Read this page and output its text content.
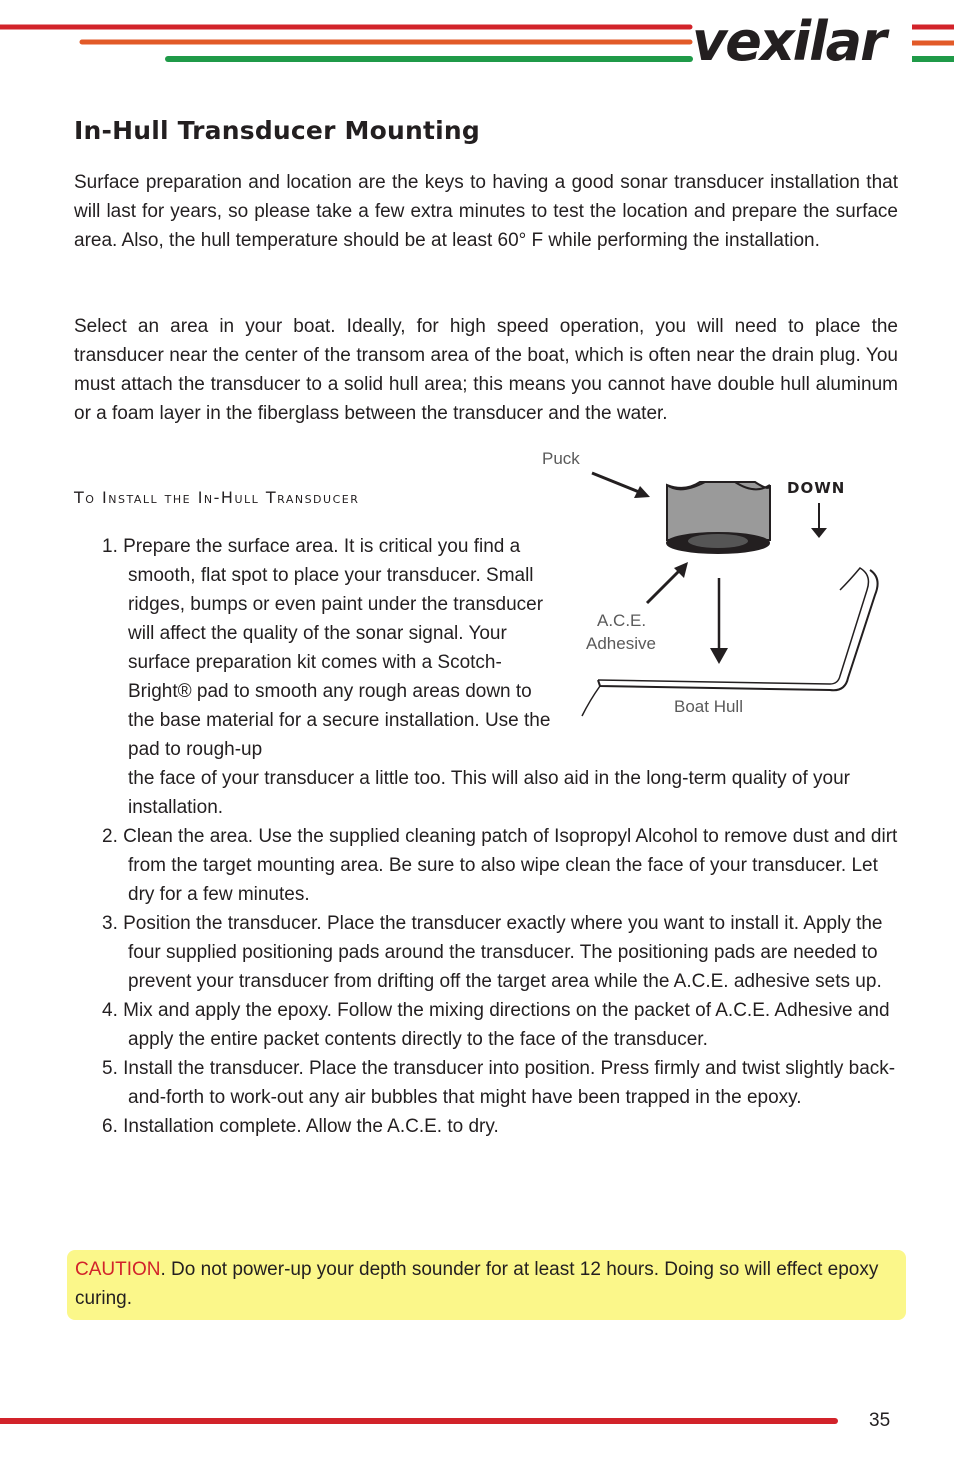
vexilar
In-Hull Transducer Mounting

Surface preparation and location are the keys to having a good sonar transducer installation that will last for years, so please take a few extra minutes to test the location and prepare the surface area. Also, the hull temperature should be at least 60° F while performing the installation.

Select an area in your boat. Ideally, for high speed operation, you will need to place the transducer near the center of the transom area of the boat, which is often near the drain plug. You must attach the transducer to a solid hull area; this means you cannot have double hull aluminum or a foam layer in the fiberglass between the transducer and the water.

To Install the In-Hull Transducer
Puck
DOWN
A.C.E.
Adhesive
Boat Hull
1. Prepare the surface area. It is critical you find a smooth, flat spot to place your transducer. Small ridges, bumps or even paint under the transducer will affect the quality of the sonar signal. Your surface preparation kit comes with a Scotch-Bright® pad to smooth any rough areas down to the base material for a secure installation. Use the pad to rough-up
the face of your transducer a little too. This will also aid in the long-term quality of your installation.
2. Clean the area. Use the supplied cleaning patch of Isopropyl Alcohol to remove dust and dirt from the target mounting area. Be sure to also wipe clean the face of your transducer. Let dry for a few minutes.
3. Position the transducer. Place the transducer exactly where you want to install it. Apply the four supplied positioning pads around the transducer. The positioning pads are needed to prevent your transducer from drifting off the target area while the A.C.E. adhesive sets up.
4. Mix and apply the epoxy. Follow the mixing directions on the packet of A.C.E. Adhesive and apply the entire packet contents directly to the face of the transducer.
5. Install the transducer. Place the transducer into position. Press firmly and twist slightly back-and-forth to work-out any air bubbles that might have been trapped in the epoxy.
6. Installation complete. Allow the A.C.E. to dry.
CAUTION. Do not power-up your depth sounder for at least 12 hours. Doing so will effect epoxy curing.
35
